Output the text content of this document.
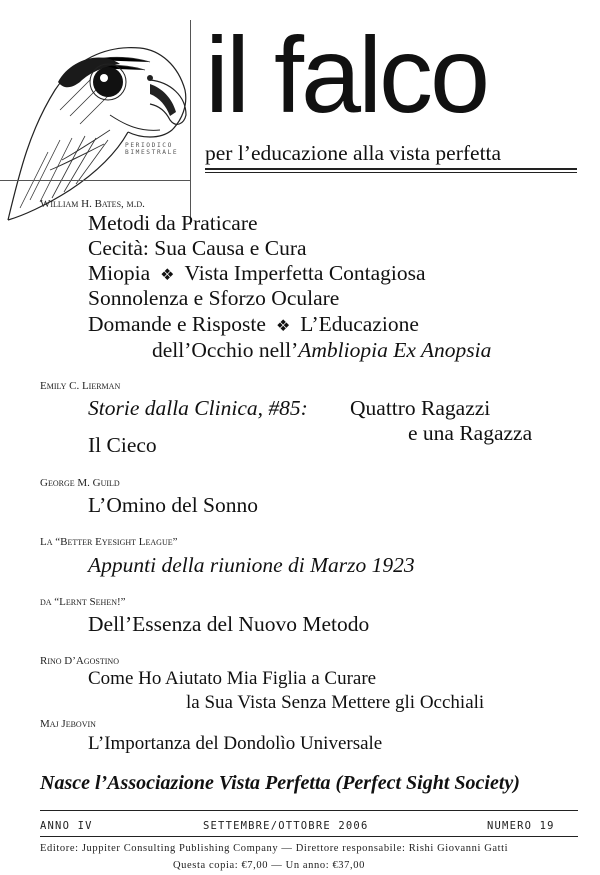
PERIODICO
BIMESTRALE
il falco
per l’educazione alla vista perfetta
William H. Bates, m.d.
Metodi da Praticare
Cecità: Sua Causa e Cura
Miopia ❖ Vista Imperfetta Contagiosa
Sonnolenza e Sforzo Oculare
Domande e Risposte ❖ L’Educazione
dell’Occhio nell’Ambliopia Ex Anopsia
Emily C. Lierman
Storie dalla Clinica, #85: Quattro Ragazzi
e una Ragazza
Il Cieco
George M. Guild
L’Omino del Sonno
La “Better Eyesight League”
Appunti della riunione di Marzo 1923
da “Lernt Sehen!”
Dell’Essenza del Nuovo Metodo
Rino D’Agostino
Come Ho Aiutato Mia Figlia a Curare
la Sua Vista Senza Mettere gli Occhiali
Maj Jebovin
L’Importanza del Dondolìo Universale
Nasce l’Associazione Vista Perfetta (Perfect Sight Society)
ANNO IV	SETTEMBRE/OTTOBRE 2006	NUMERO 19
Editore: Juppiter Consulting Publishing Company — Direttore responsabile: Rishi Giovanni Gatti
Questa copia: €7,00 — Un anno: €37,00
